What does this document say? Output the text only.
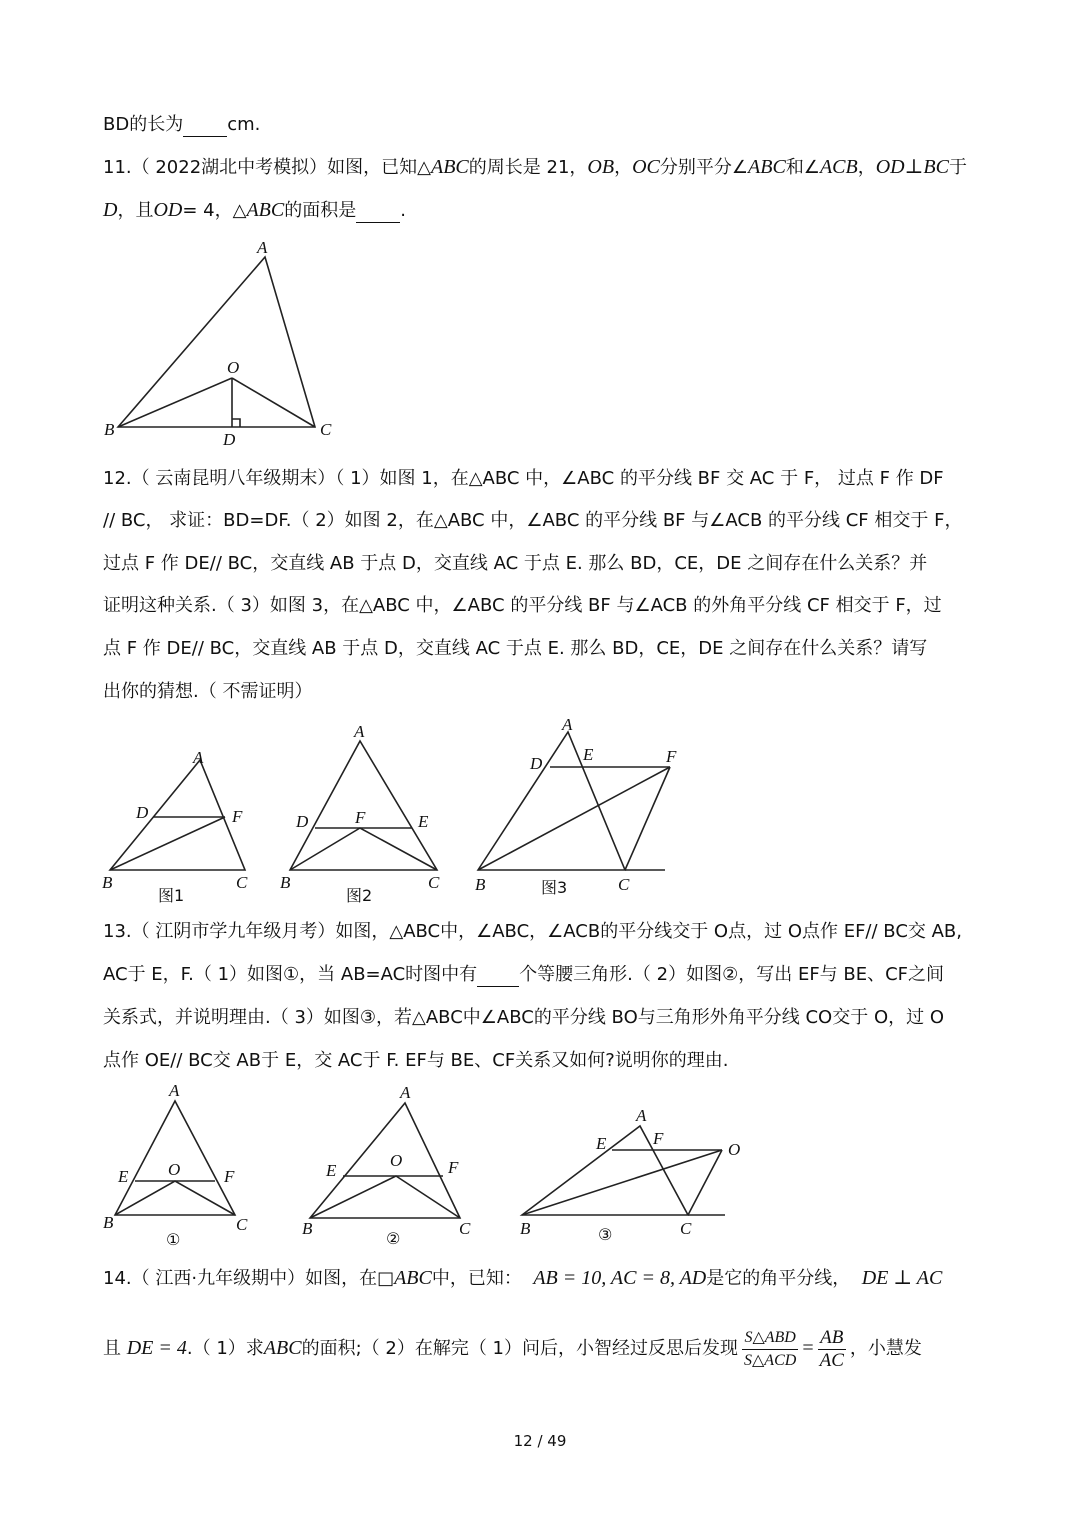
BD的长为 cm.
11.（ 2022湖北中考模拟）如图，已知△ABC的周长是 21，OB，OC分别平分∠ABC和∠ACB，OD⊥BC于
D，且OD= 4，△ABC的面积是 .
A
B	C
O
D
12.（ 云南昆明八年级期末）（ 1）如图 1，在△ABC 中，∠ABC 的平分线 BF 交 AC 于 F， 过点 F 作 DF
// BC， 求证：BD=DF.（ 2）如图 2，在△ABC 中，∠ABC 的平分线 BF 与∠ACB 的平分线 CF 相交于 F，
过点 F 作 DE// BC，交直线 AB 于点 D，交直线 AC 于点 E. 那么 BD，CE，DE 之间存在什么关系？并
证明这种关系.（ 3）如图 3，在△ABC 中，∠ABC 的平分线 BF 与∠ACB 的外角平分线 CF 相交于 F，过
点 F 作 DE// BC，交直线 AB 于点 D，交直线 AC 于点 E. 那么 BD，CE，DE 之间存在什么关系？请写
出你的猜想.（ 不需证明）
A
D	F
B	C
图1
A
D	F	E
B	C
图2
A
D E	F
B	C
图3
13.（ 江阴市学九年级月考）如图，△ABC中，∠ABC，∠ACB的平分线交于 O点，过 O点作 EF// BC交 AB,
AC于 E，F.（ 1）如图①，当 AB=AC时图中有 个等腰三角形.（ 2）如图②，写出 EF与 BE、CF之间
关系式，并说明理由.（ 3）如图③，若△ABC中∠ABC的平分线 BO与三角形外角平分线 CO交于 O，过 O
点作 OE// BC交 AB于 E，交 AC于 F. EF与 BE、CF关系又如何?说明你的理由.
A
E O	F
B	C
①
A
E
O	F
B	C
②
A
E	F
O
B	C
③
14.（ 江西·九年级期中）如图，在□ABC中，已知： AB = 10, AC = 8, AD是它的角平分线， DE ⊥ AC
且 DE = 4.（ 1）求ABC的面积;（ 2）在解完（ 1）问后，小智经过反思后发现 $\frac{\text{S△ABD}}{\text{S△ACD}} = \frac{AB}{AC}$ ，小慧发
12 / 49
